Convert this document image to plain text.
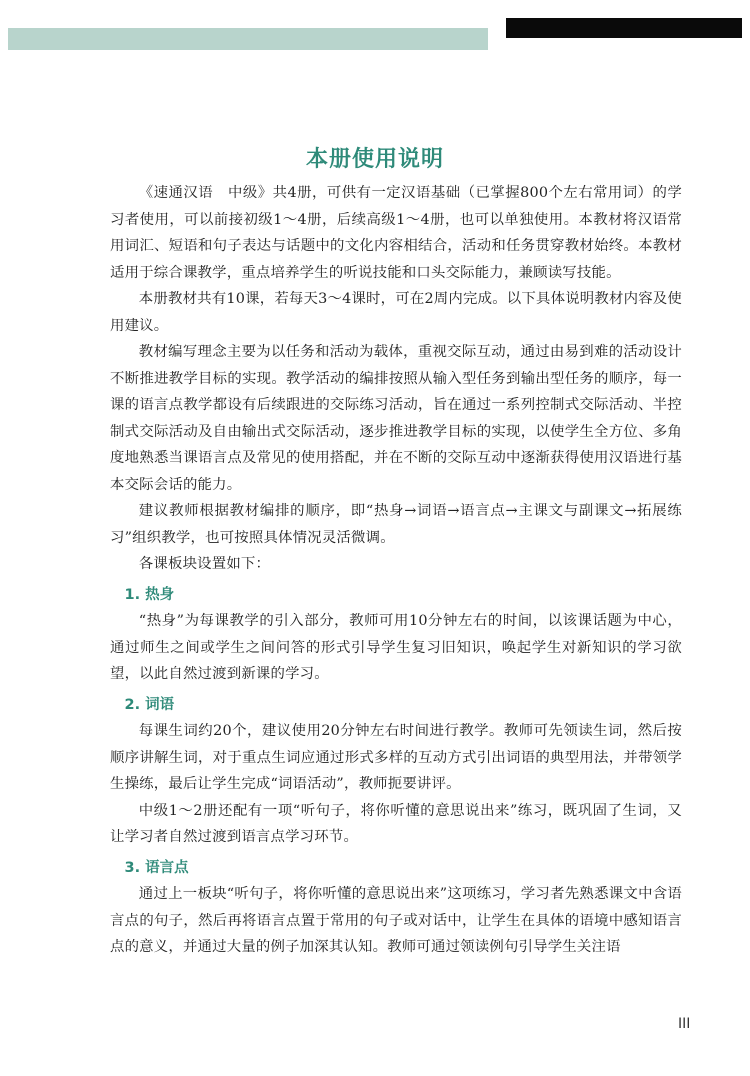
本册使用说明

《速通汉语　中级》共4册，可供有一定汉语基础（已掌握800个左右常用词）的学习者使用，可以前接初级1～4册，后续高级1～4册，也可以单独使用。本教材将汉语常用词汇、短语和句子表达与话题中的文化内容相结合，活动和任务贯穿教材始终。本教材适用于综合课教学，重点培养学生的听说技能和口头交际能力，兼顾读写技能。

本册教材共有10课，若每天3～4课时，可在2周内完成。以下具体说明教材内容及使用建议。

教材编写理念主要为以任务和活动为载体，重视交际互动，通过由易到难的活动设计不断推进教学目标的实现。教学活动的编排按照从输入型任务到输出型任务的顺序，每一课的语言点教学都设有后续跟进的交际练习活动，旨在通过一系列控制式交际活动、半控制式交际活动及自由输出式交际活动，逐步推进教学目标的实现，以使学生全方位、多角度地熟悉当课语言点及常见的使用搭配，并在不断的交际互动中逐渐获得使用汉语进行基本交际会话的能力。

建议教师根据教材编排的顺序，即“热身→词语→语言点→主课文与副课文→拓展练习”组织教学，也可按照具体情况灵活微调。

各课板块设置如下：

1. 热身

“热身”为每课教学的引入部分，教师可用10分钟左右的时间，以该课话题为中心，通过师生之间或学生之间问答的形式引导学生复习旧知识，唤起学生对新知识的学习欲望，以此自然过渡到新课的学习。

2. 词语

每课生词约20个，建议使用20分钟左右时间进行教学。教师可先领读生词，然后按顺序讲解生词，对于重点生词应通过形式多样的互动方式引出词语的典型用法，并带领学生操练，最后让学生完成“词语活动”，教师扼要讲评。

中级1～2册还配有一项“听句子，将你听懂的意思说出来”练习，既巩固了生词，又让学习者自然过渡到语言点学习环节。

3. 语言点

通过上一板块“听句子，将你听懂的意思说出来”这项练习，学习者先熟悉课文中含语言点的句子，然后再将语言点置于常用的句子或对话中，让学生在具体的语境中感知语言点的意义，并通过大量的例子加深其认知。教师可通过领读例句引导学生关注语

III
